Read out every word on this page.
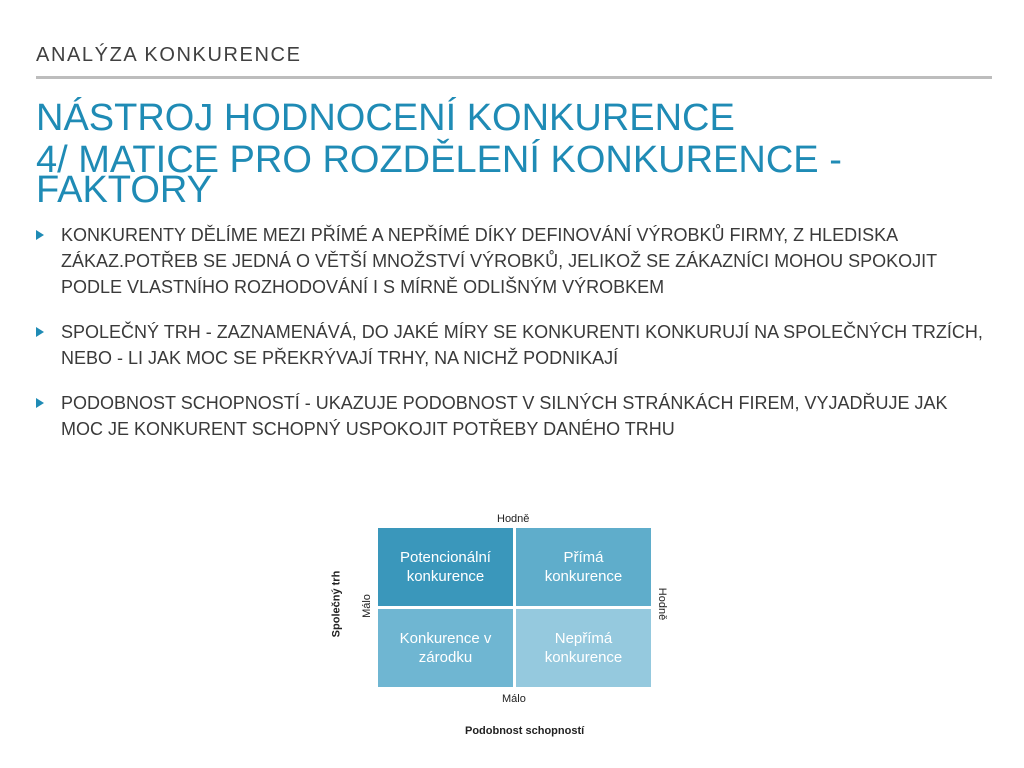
ANALÝZA KONKURENCE
NÁSTROJ HODNOCENÍ KONKURENCE
4/ MATICE PRO ROZDĚLENÍ KONKURENCE -
FAKTORY
KONKURENTY DĚLÍME MEZI PŘÍMÉ A NEPŘÍMÉ DÍKY DEFINOVÁNÍ VÝROBKŮ FIRMY, Z HLEDISKA ZÁKAZ.POTŘEB SE JEDNÁ O VĚTŠÍ MNOŽSTVÍ VÝROBKŮ, JELIKOŽ SE ZÁKAZNÍCI MOHOU SPOKOJIT PODLE VLASTNÍHO ROZHODOVÁNÍ I S MÍRNĚ ODLIŠNÝM VÝROBKEM
SPOLEČNÝ TRH - ZAZNAMENÁVÁ, DO JAKÉ MÍRY SE KONKURENTI KONKURUJÍ NA SPOLEČNÝCH TRZÍCH, NEBO - LI JAK MOC SE PŘEKRÝVAJÍ TRHY, NA NICHŽ PODNIKAJÍ
PODOBNOST SCHOPNOSTÍ - UKAZUJE PODOBNOST V SILNÝCH STRÁNKÁCH FIREM, VYJADŘUJE JAK MOC JE KONKURENT SCHOPNÝ USPOKOJIT POTŘEBY DANÉHO TRHU
Hodně
Málo
Málo	Hodně
Společný trh
Podobnost schopností
Potencionální
konkurence
Přímá
konkurence
Konkurence v
zárodku
Nepřímá
konkurence
